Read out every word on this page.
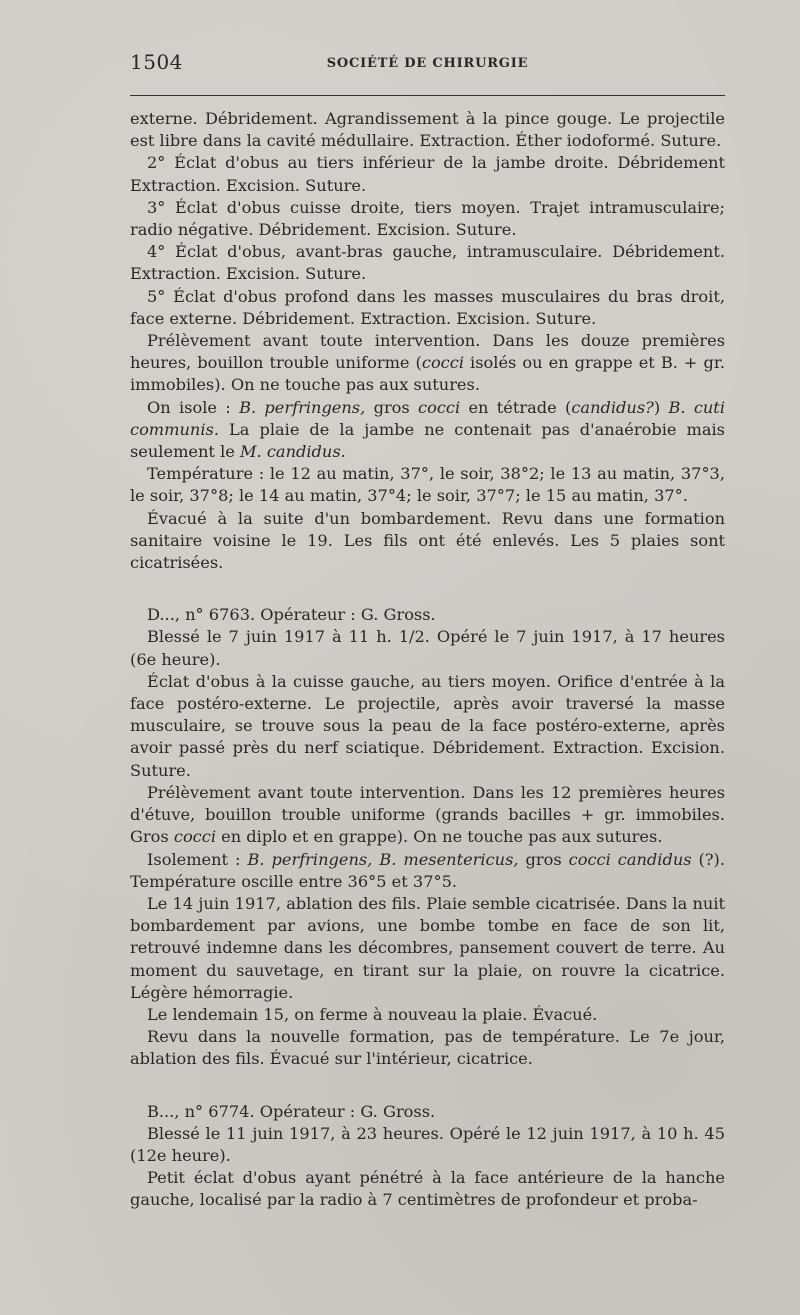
1504	SOCIÉTÉ DE CHIRURGIE

externe. Débridement. Agrandissement à la pince gouge. Le projectile est libre dans la cavité médullaire. Extraction. Éther iodoformé. Suture.

2° Éclat d'obus au tiers inférieur de la jambe droite. Débridement Extraction. Excision. Suture.

3° Éclat d'obus cuisse droite, tiers moyen. Trajet intramusculaire; radio négative. Débridement. Excision. Suture.

4° Éclat d'obus, avant-bras gauche, intramusculaire. Débridement. Extraction. Excision. Suture.

5° Éclat d'obus profond dans les masses musculaires du bras droit, face externe. Débridement. Extraction. Excision. Suture.

Prélèvement avant toute intervention. Dans les douze premières heures, bouillon trouble uniforme (cocci isolés ou en grappe et B. + gr. immobiles). On ne touche pas aux sutures.

On isole : B. perfringens, gros cocci en tétrade (candidus?) B. cuti communis. La plaie de la jambe ne contenait pas d'anaérobie mais seulement le M. candidus.

Température : le 12 au matin, 37°, le soir, 38°2; le 13 au matin, 37°3, le soir, 37°8; le 14 au matin, 37°4; le soir, 37°7; le 15 au matin, 37°.

Évacué à la suite d'un bombardement. Revu dans une formation sanitaire voisine le 19. Les fils ont été enlevés. Les 5 plaies sont cicatrisées.

D..., n° 6763. Opérateur : G. Gross.

Blessé le 7 juin 1917 à 11 h. 1/2. Opéré le 7 juin 1917, à 17 heures (6e heure).

Éclat d'obus à la cuisse gauche, au tiers moyen. Orifice d'entrée à la face postéro-externe. Le projectile, après avoir traversé la masse musculaire, se trouve sous la peau de la face postéro-externe, après avoir passé près du nerf sciatique. Débridement. Extraction. Excision. Suture.

Prélèvement avant toute intervention. Dans les 12 premières heures d'étuve, bouillon trouble uniforme (grands bacilles + gr. immobiles. Gros cocci en diplo et en grappe). On ne touche pas aux sutures.

Isolement : B. perfringens, B. mesentericus, gros cocci candidus (?). Température oscille entre 36°5 et 37°5.

Le 14 juin 1917, ablation des fils. Plaie semble cicatrisée. Dans la nuit bombardement par avions, une bombe tombe en face de son lit, retrouvé indemne dans les décombres, pansement couvert de terre. Au moment du sauvetage, en tirant sur la plaie, on rouvre la cicatrice. Légère hémorragie.

Le lendemain 15, on ferme à nouveau la plaie. Évacué.

Revu dans la nouvelle formation, pas de température. Le 7e jour, ablation des fils. Évacué sur l'intérieur, cicatrice.

B..., n° 6774. Opérateur : G. Gross.

Blessé le 11 juin 1917, à 23 heures. Opéré le 12 juin 1917, à 10 h. 45 (12e heure).

Petit éclat d'obus ayant pénétré à la face antérieure de la hanche gauche, localisé par la radio à 7 centimètres de profondeur et proba-
